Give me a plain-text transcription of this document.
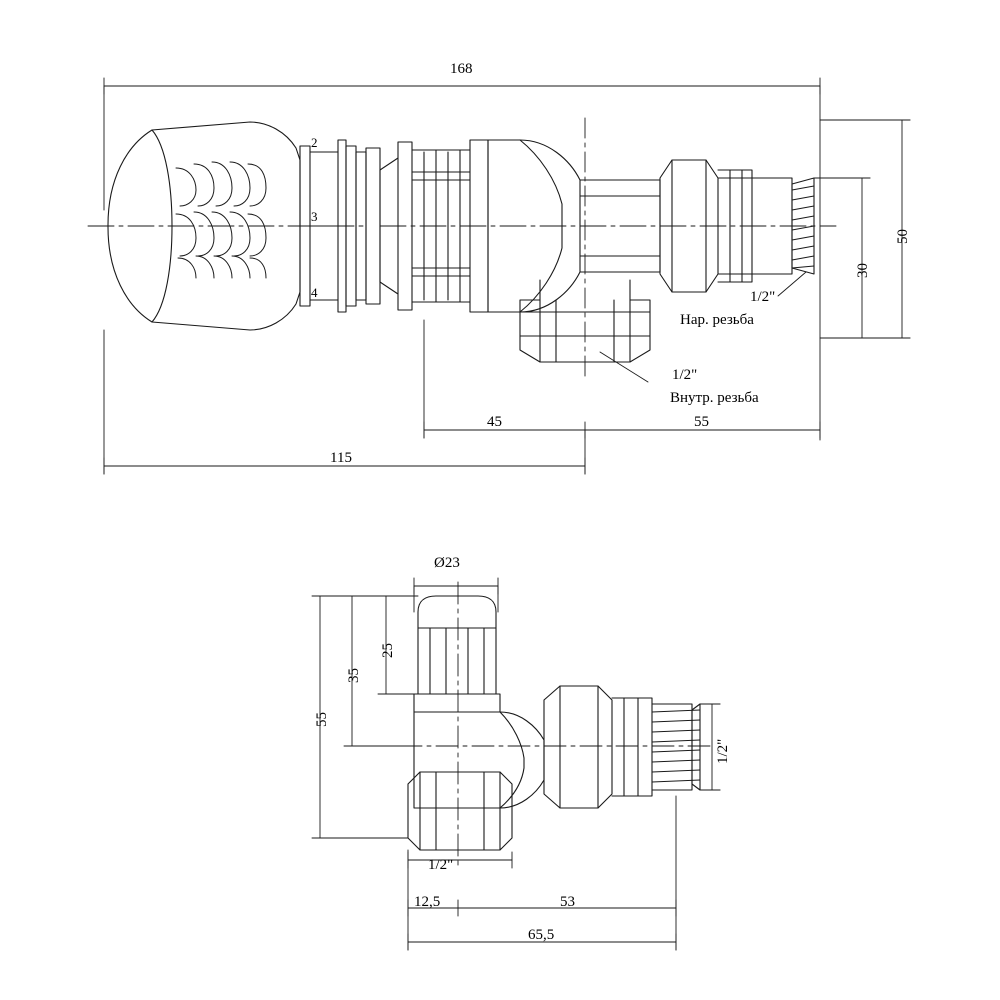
168
2
3
4
50
30
1/2"
Нар. резьба
1/2"
Внутр. резьба
45	55
115
Ø23
25
35
55
1/2"
1/2"
12,5	53
65,5
